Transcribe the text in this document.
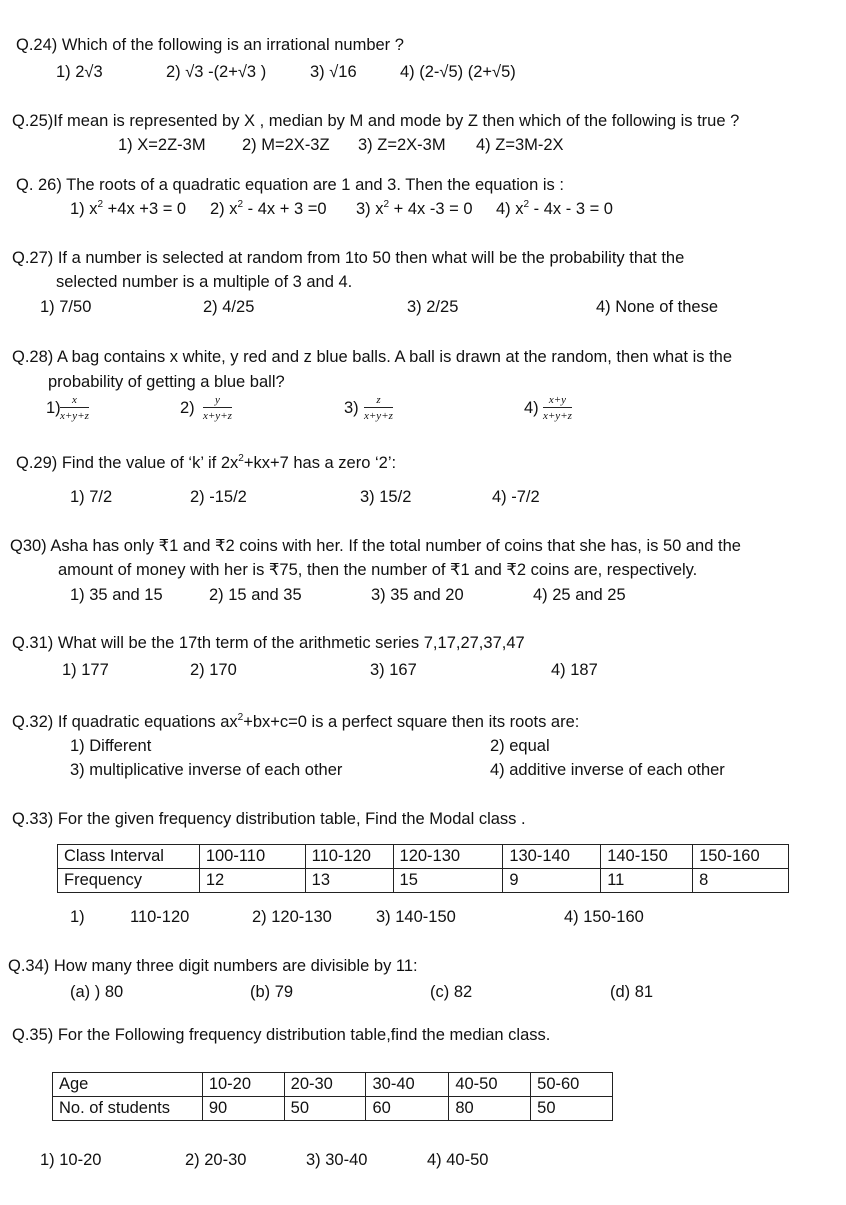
Q.24) Which of the following is an irrational number ?
1) 2√3	2) √3 -(2+√3 )	3) √16	4) (2-√5) (2+√5)
Q.25)If mean is represented by X , median by M and mode by Z then which of the following is true ?
1) X=2Z-3M 2) M=2X-3Z 3) Z=2X-3M 4) Z=3M-2X
Q. 26) The roots of a quadratic equation are 1 and 3. Then the equation is :
1) $x^2 +4x +3 = 0$ 2) $x^2 - 4x + 3 =0$ 3) $x^2 + 4x$ -3 = 0 4) $x^2 - 4x - 3 = 0$
Q.27) If a number is selected at random from 1to 50 then what will be the probability that the
selected number is a multiple of 3 and 4.
1) 7/50	2) 4/25	3) 2/25	4) None of these
Q.28) A bag contains x white, y red and z blue balls. A ball is drawn at the random, then what is the
probability of getting a blue ball?
$1) \frac{x}{x+y+z}$	$2) \frac{y}{x+y+z}$	$3) \frac{z}{x+y+z}$	$4) \frac{x+y}{x+y+z}$
Q.29) Find the value of ‘k’ if $2x^2+kx+7$ has a zero ‘2’:
1) 7/2	2) -15/2	3) 15/2	4) -7/2
Q30) Asha has only ₹1 and ₹2 coins with her. If the total number of coins that she has, is 50 and the
amount of money with her is ₹75, then the number of ₹1 and ₹2 coins are, respectively.
1) 35 and 15	2) 15 and 35	3) 35 and 20	4) 25 and 25
Q.31) What will be the 17th term of the arithmetic series 7,17,27,37,47
1) 177	2) 170	3) 167	4) 187
Q.32) If quadratic equations $ax^2+bx+c=0$ is a perfect square then its roots are:
1) Different	2) equal
3) multiplicative inverse of each other	4) additive inverse of each other
Q.33) For the given frequency distribution table, Find the Modal class .
Class Interval	100-110	110-120	120-130	130-140	140-150	150-160
Frequency	12	13	15	9	11	8
1)	110-120	2) 120-130	3) 140-150	4) 150-160
Q.34) How many three digit numbers are divisible by 11:
(a) ) 80	(b) 79	(c) 82	(d) 81
Q.35) For the Following frequency distribution table,find the median class.
Age	10-20	20-30	30-40	40-50	50-60
No. of students	90	50	60	80	50
1) 10-20	2) 20-30	3) 30-40	4) 40-50
